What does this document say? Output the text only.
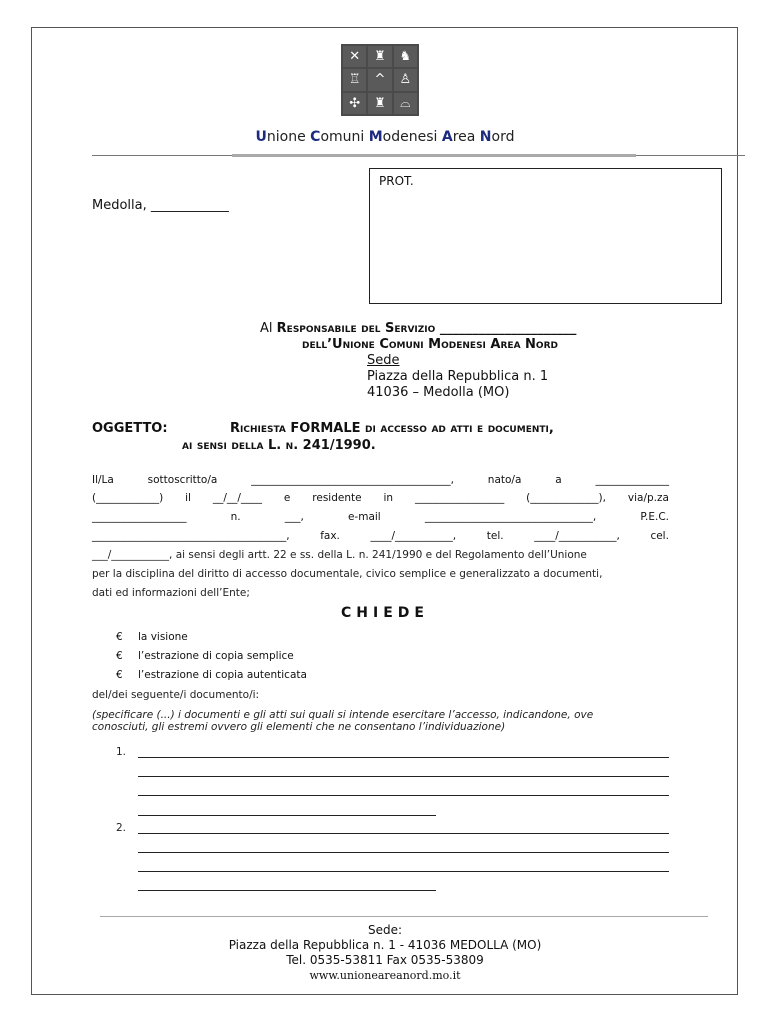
✕	♜	♞
♖	^	♙
✣	♜	⌓
Unione Comuni Modenesi Area Nord
Medolla, ____________
PROT.
Al Responsabile del Servizio _____________________
dell’Unione Comuni Modenesi Area Nord
Sede
Piazza della Repubblica n. 1
41036 – Medolla (MO)
OGGETTO:	Richiesta FORMALE di accesso ad atti e documenti,
ai sensi della L. n. 241/1990.
Il/La	sottoscritto/a	______________________________________,	nato/a	a	______________
(____________) il __/__/____ e residente in _________________ (_____________), via/p.za
__________________	n.	___,	e-mail	________________________________,	P.E.C.
_____________________________________,	fax.	____/___________,	tel.	____/___________,	cel.
___/___________, ai sensi degli artt. 22 e ss. della L. n. 241/1990 e del Regolamento dell’Unione
per la disciplina del diritto di accesso documentale, civico semplice e generalizzato a documenti,
dati ed informazioni dell’Ente;
CHIEDE
€ la visione
€ l’estrazione di copia semplice
€ l’estrazione di copia autenticata
del/dei seguente/i documento/i:
(specificare (...) i documenti e gli atti sui quali si intende esercitare l’accesso, indicandone, ove
conosciuti, gli estremi ovvero gli elementi che ne consentano l’individuazione)
1.
2.
Sede:
Piazza della Repubblica n. 1 - 41036 MEDOLLA (MO)
Tel. 0535-53811 Fax 0535-53809
www.unioneareanord.mo.it
